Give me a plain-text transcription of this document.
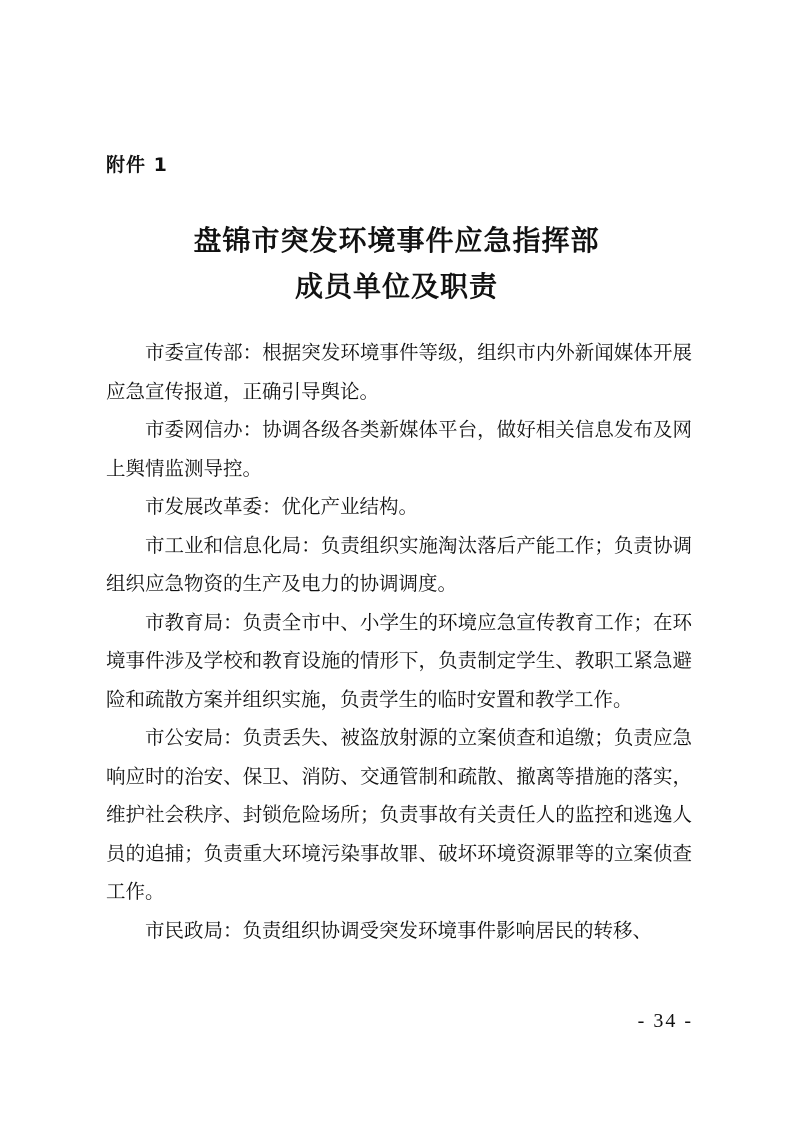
附件 1
盘锦市突发环境事件应急指挥部
成员单位及职责

市委宣传部：根据突发环境事件等级，组织市内外新闻媒体开展应急宣传报道，正确引导舆论。

市委网信办：协调各级各类新媒体平台，做好相关信息发布及网上舆情监测导控。

市发展改革委：优化产业结构。

市工业和信息化局：负责组织实施淘汰落后产能工作；负责协调组织应急物资的生产及电力的协调调度。

市教育局：负责全市中、小学生的环境应急宣传教育工作；在环境事件涉及学校和教育设施的情形下，负责制定学生、教职工紧急避险和疏散方案并组织实施，负责学生的临时安置和教学工作。

市公安局：负责丢失、被盗放射源的立案侦查和追缴；负责应急响应时的治安、保卫、消防、交通管制和疏散、撤离等措施的落实，维护社会秩序、封锁危险场所；负责事故有关责任人的监控和逃逸人员的追捕；负责重大环境污染事故罪、破坏环境资源罪等的立案侦查工作。

市民政局：负责组织协调受突发环境事件影响居民的转移、

- 34 -
